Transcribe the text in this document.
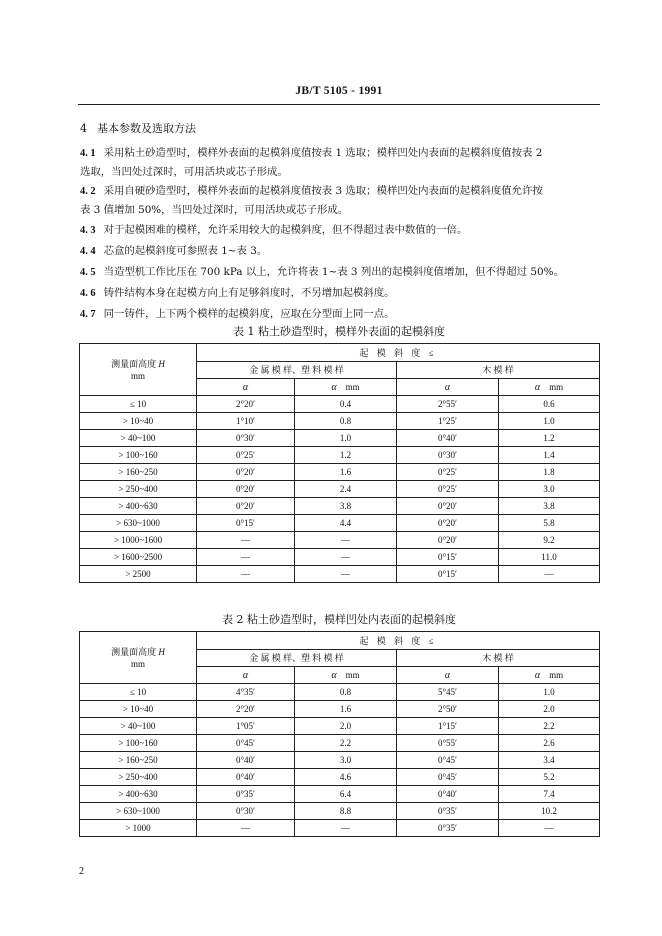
JB/T 5105 - 1991
4 基本参数及选取方法
4. 1 采用粘土砂造型时，模样外表面的起模斜度值按表 1 选取；模样凹处内表面的起模斜度值按表 2
选取，当凹处过深时，可用活块或芯子形成。
4. 2 采用自硬砂造型时，模样外表面的起模斜度值按表 3 选取；模样凹处内表面的起模斜度值允许按
表 3 值增加 50%，当凹处过深时，可用活块或芯子形成。
4. 3 对于起模困难的模样，允许采用较大的起模斜度，但不得超过表中数值的一倍。
4. 4 芯盒的起模斜度可参照表 1~表 3。
4. 5 当造型机工作比压在 700 kPa 以上，允许将表 1~表 3 列出的起模斜度值增加，但不得超过 50%。
4. 6 铸件结构本身在起模方向上有足够斜度时，不另增加起模斜度。
4. 7 同一铸件，上下两个模样的起模斜度，应取在分型面上同一点。
表 1 粘土砂造型时，模样外表面的起模斜度
测量面高度 H
mm	起 模 斜 度 ≤			
	金 属 模 样、塑 料 模 样		木 模 样	
	α	α mm	α	α mm
≤ 10	2°20′	0.4	2°55′	0.6
> 10~40	1°10′	0.8	1°25′	1.0
> 40~100	0°30′	1.0	0°40′	1.2
> 100~160	0°25′	1.2	0°30′	1.4
> 160~250	0°20′	1.6	0°25′	1.8
> 250~400	0°20′	2.4	0°25′	3.0
> 400~630	0°20′	3.8	0°20′	3.8
> 630~1000	0°15′	4.4	0°20′	5.8
> 1000~1600	—	—	0°20′	9.2
> 1600~2500	—	—	0°15′	11.0
> 2500	—	—	0°15′	—
表 2 粘土砂造型时，模样凹处内表面的起模斜度
测量面高度 H
mm	起 模 斜 度 ≤			
	金 属 模 样、塑 料 模 样		木 模 样	
	α	α mm	α	α mm
≤ 10	4°35′	0.8	5°45′	1.0
> 10~40	2°20′	1.6	2°50′	2.0
> 40~100	1°05′	2.0	1°15′	2.2
> 100~160	0°45′	2.2	0°55′	2.6
> 160~250	0°40′	3.0	0°45′	3.4
> 250~400	0°40′	4.6	0°45′	5.2
> 400~630	0°35′	6.4	0°40′	7.4
> 630~1000	0°30′	8.8	0°35′	10.2
> 1000	—	—	0°35′	—
2
